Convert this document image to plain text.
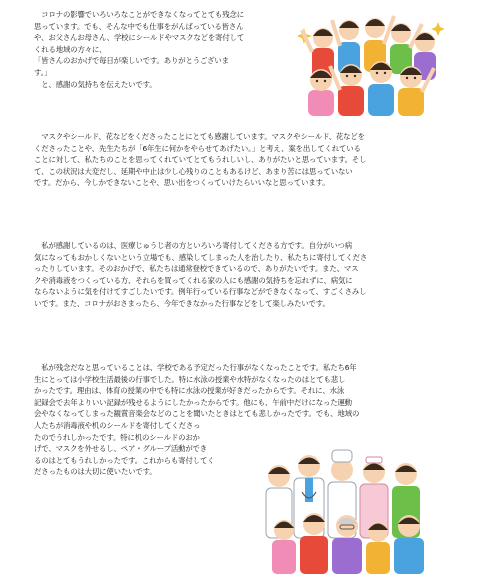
　コロナの影響でいろいろなことができなくなってとても残念に
思っています。でも、そんな中でも仕事をがんばっている皆さん
や、お父さんお母さん、学校にシールドやマスクなどを寄付して
くれる地域の方々に、
「皆さんのおかげで毎日が楽しいです。ありがとうございま
す。」
　と、感謝の気持ちを伝えたいです。
　マスクやシールド、花などをくださったことにとても感謝しています。マスクやシールド、花などを
くださったことや、先生たちが「6年生に何かをやらせてあげたい。」と考え、案を出してくれている
ことに対して、私たちのことを思ってくれていてとてもうれしいし、ありがたいと思っています。そし
て、この状況は大変だし、延期や中止は少し心残りのこともあるけど、あまり苦には思っていない
です。だから、今しかできないことや、思い出をつくっていけたらいいなと思っています。
　私が感謝しているのは、医療じゅうじ者の方といろいろ寄付してくださる方です。自分がいつ病
気になってもおかしくないという立場でも、感染してしまった人を治したり、私たちに寄付してくださ
ったりしています。そのおかげで、私たちは通常登校できているので、ありがたいです。また、マス
クや消毒液をつくっている方、それらを買ってくれる家の人にも感謝の気持ちを忘れずに、病気に
ならないように気を付けてすごしたいです。例年行っている行事などができなくなって、すごくさみし
いです。また、コロナがおさまったら、今年できなかった行事などをして楽しみたいです。
　私が残念だなと思っていることは、学校である予定だった行事がなくなったことです。私たち6年
生にとっては小学校生活最後の行事でした。特に水泳の授業や水特がなくなったのはとても悲し
かったです。理由は、体育の授業の中でも特に水泳の授業が好きだったからです。それに、水泳
記録会で去年よりいい記録が残せるようにしたかったからです。他にも、午前中だけになった運動
会やなくなってしまった観賞音楽会などのことを聞いたときはとても悲しかったです。でも、地域の
人たちが消毒液や机のシールドを寄付してくださっ
たのでうれしかったです。特に机のシールドのおか
げで、マスクを外せるし、ペア・グループ活動ができ
るのはとてもうれしかったです。これからも寄付してく
ださったものは大切に使いたいです。
